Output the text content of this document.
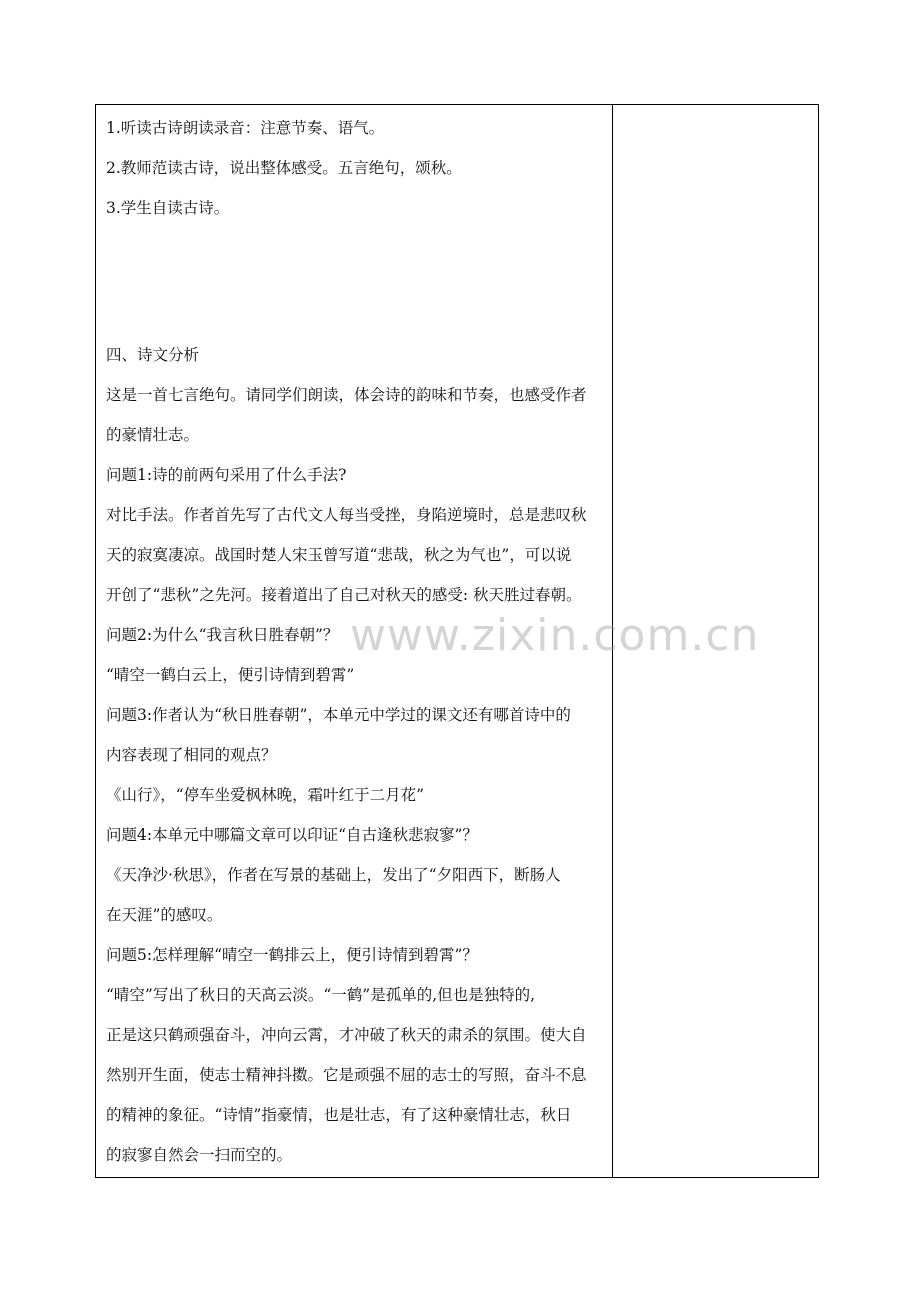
1.听读古诗朗读录音：注意节奏、语气。
2.教师范读古诗，说出整体感受。五言绝句，颂秋。
3.学生自读古诗。
四、诗文分析
这是一首七言绝句。请同学们朗读，体会诗的韵味和节奏，也感受作者
的豪情壮志。
问题1:诗的前两句采用了什么手法?
对比手法。作者首先写了古代文人每当受挫，身陷逆境时，总是悲叹秋
天的寂寞凄凉。战国时楚人宋玉曾写道“悲哉，秋之为气也”，可以说
开创了“悲秋”之先河。接着道出了自己对秋天的感受: 秋天胜过春朝。
问题2:为什么“我言秋日胜春朝”？
“晴空一鹤白云上，便引诗情到碧霄”
问题3:作者认为“秋日胜春朝”，本单元中学过的课文还有哪首诗中的
内容表现了相同的观点？
《山行》，“停车坐爱枫林晚，霜叶红于二月花”
问题4:本单元中哪篇文章可以印证“自古逢秋悲寂寥”？
《天净沙·秋思》，作者在写景的基础上，发出了“夕阳西下，断肠人
在天涯”的感叹。
问题5:怎样理解“晴空一鹤排云上，便引诗情到碧霄”？
“晴空”写出了秋日的天高云淡。“一鹤”是孤单的,但也是独特的,
正是这只鹤顽强奋斗，冲向云霄，才冲破了秋天的肃杀的氛围。使大自
然别开生面，使志士精神抖擞。它是顽强不屈的志士的写照，奋斗不息
的精神的象征。“诗情”指豪情，也是壮志，有了这种豪情壮志，秋日
的寂寥自然会一扫而空的。
www.zixin.com.cn
